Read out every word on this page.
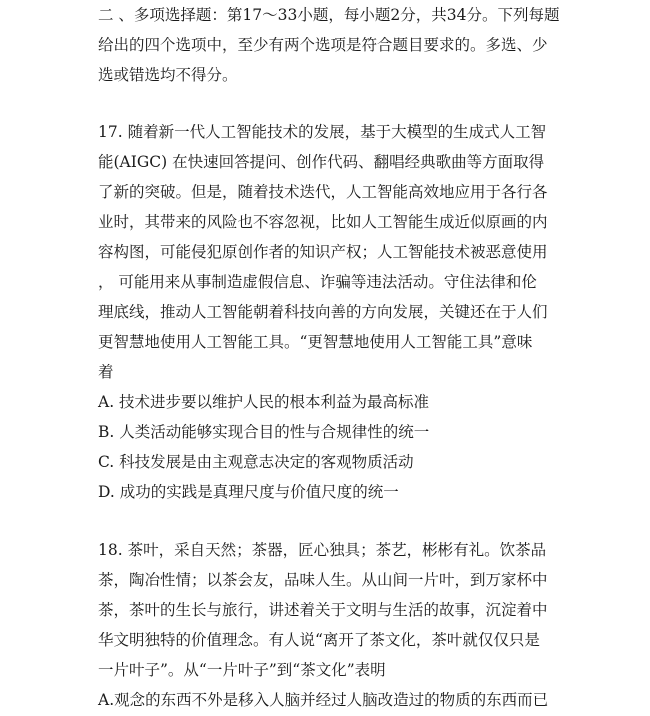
二 、多项选择题：第17～33小题，每小题2分，共34分。下列每题
给出的四个选项中，至少有两个选项是符合题目要求的。多选、少
选或错选均不得分。
17. 随着新一代人工智能技术的发展，基于大模型的生成式人工智
能(AIGC) 在快速回答提问、创作代码、翻唱经典歌曲等方面取得
了新的突破。但是，随着技术迭代，人工智能高效地应用于各行各
业时，其带来的风险也不容忽视，比如人工智能生成近似原画的内
容构图，可能侵犯原创作者的知识产权；人工智能技术被恶意使用
， 可能用来从事制造虚假信息、诈骗等违法活动。守住法律和伦
理底线，推动人工智能朝着科技向善的方向发展，关键还在于人们
更智慧地使用人工智能工具。“更智慧地使用人工智能工具”意味
着
A. 技术进步要以维护人民的根本利益为最高标准
B. 人类活动能够实现合目的性与合规律性的统一
C. 科技发展是由主观意志决定的客观物质活动
D. 成功的实践是真理尺度与价值尺度的统一
18. 茶叶，采自天然；茶器，匠心独具；茶艺，彬彬有礼。饮茶品
茶，陶冶性情；以茶会友，品味人生。从山间一片叶，到万家杯中
茶，茶叶的生长与旅行，讲述着关于文明与生活的故事，沉淀着中
华文明独特的价值理念。有人说“离开了茶文化，茶叶就仅仅只是
一片叶子”。从“一片叶子”到“茶文化”表明
A.观念的东西不外是移入人脑并经过人脑改造过的物质的东西而已
